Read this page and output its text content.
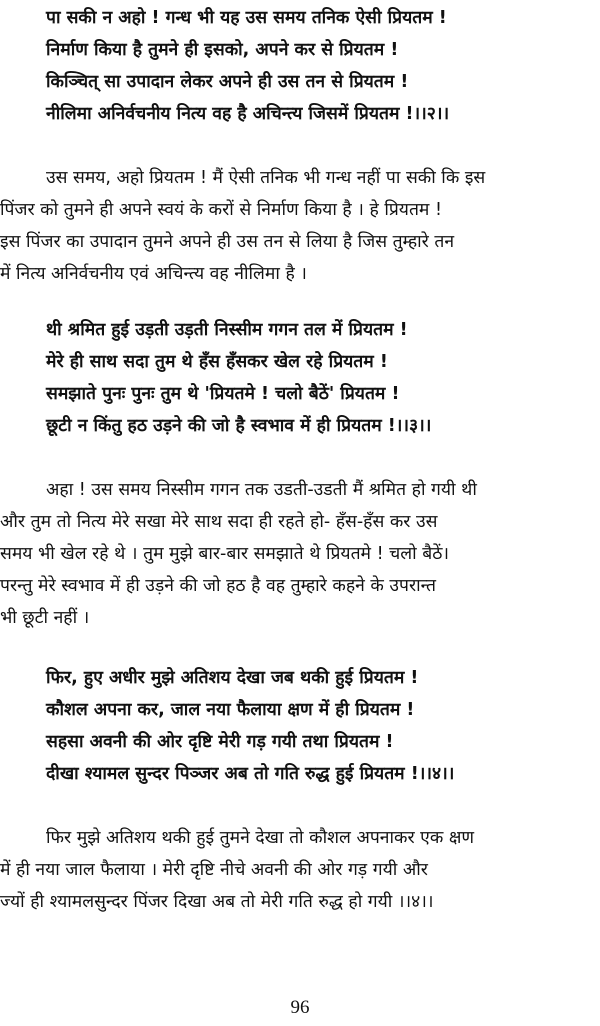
पा सकी न अहो ! गन्ध भी यह उस समय तनिक ऐसी प्रियतम !
निर्माण किया है तुमने ही इसको, अपने कर से प्रियतम !
किञ्चित् सा उपादान लेकर अपने ही उस तन से प्रियतम !
नीलिमा अनिर्वचनीय नित्य वह है अचिन्त्य जिसमें प्रियतम !।।२।।
उस समय, अहो प्रियतम ! मैं ऐसी तनिक भी गन्ध नहीं पा सकी कि इस
पिंजर को तुमने ही अपने स्वयं के करों से निर्माण किया है । हे प्रियतम !
इस पिंजर का उपादान तुमने अपने ही उस तन से लिया है जिस तुम्हारे तन
में नित्य अनिर्वचनीय एवं अचिन्त्य वह नीलिमा है ।
थी श्रमित हुई उड़ती उड़ती निस्सीम गगन तल में प्रियतम !
मेरे ही साथ सदा तुम थे हँस हँसकर खेल रहे प्रियतम !
समझाते पुनः पुनः तुम थे 'प्रियतमे ! चलो बैठें' प्रियतम !
छूटी न किंतु हठ उड़ने की जो है स्वभाव में ही प्रियतम !।।३।।
अहा ! उस समय निस्सीम गगन तक उडती-उडती मैं श्रमित हो गयी थी
और तुम तो नित्य मेरे सखा मेरे साथ सदा ही रहते हो- हँस-हँस कर उस
समय भी खेल रहे थे । तुम मुझे बार-बार समझाते थे प्रियतमे ! चलो बैठें।
परन्तु मेरे स्वभाव में ही उड़ने की जो हठ है वह तुम्हारे कहने के उपरान्त
भी छूटी नहीं ।
फिर, हुए अधीर मुझे अतिशय देखा जब थकी हुई प्रियतम !
कौशल अपना कर, जाल नया फैलाया क्षण में ही प्रियतम !
सहसा अवनी की ओर दृष्टि मेरी गड़ गयी तथा प्रियतम !
दीखा श्यामल सुन्दर पिञ्जर अब तो गति रुद्ध हुई प्रियतम !।।४।।
फिर मुझे अतिशय थकी हुई तुमने देखा तो कौशल अपनाकर एक क्षण
में ही नया जाल फैलाया । मेरी दृष्टि नीचे अवनी की ओर गड़ गयी और
ज्यों ही श्यामलसुन्दर पिंजर दिखा अब तो मेरी गति रुद्ध हो गयी ।।४।।
96
